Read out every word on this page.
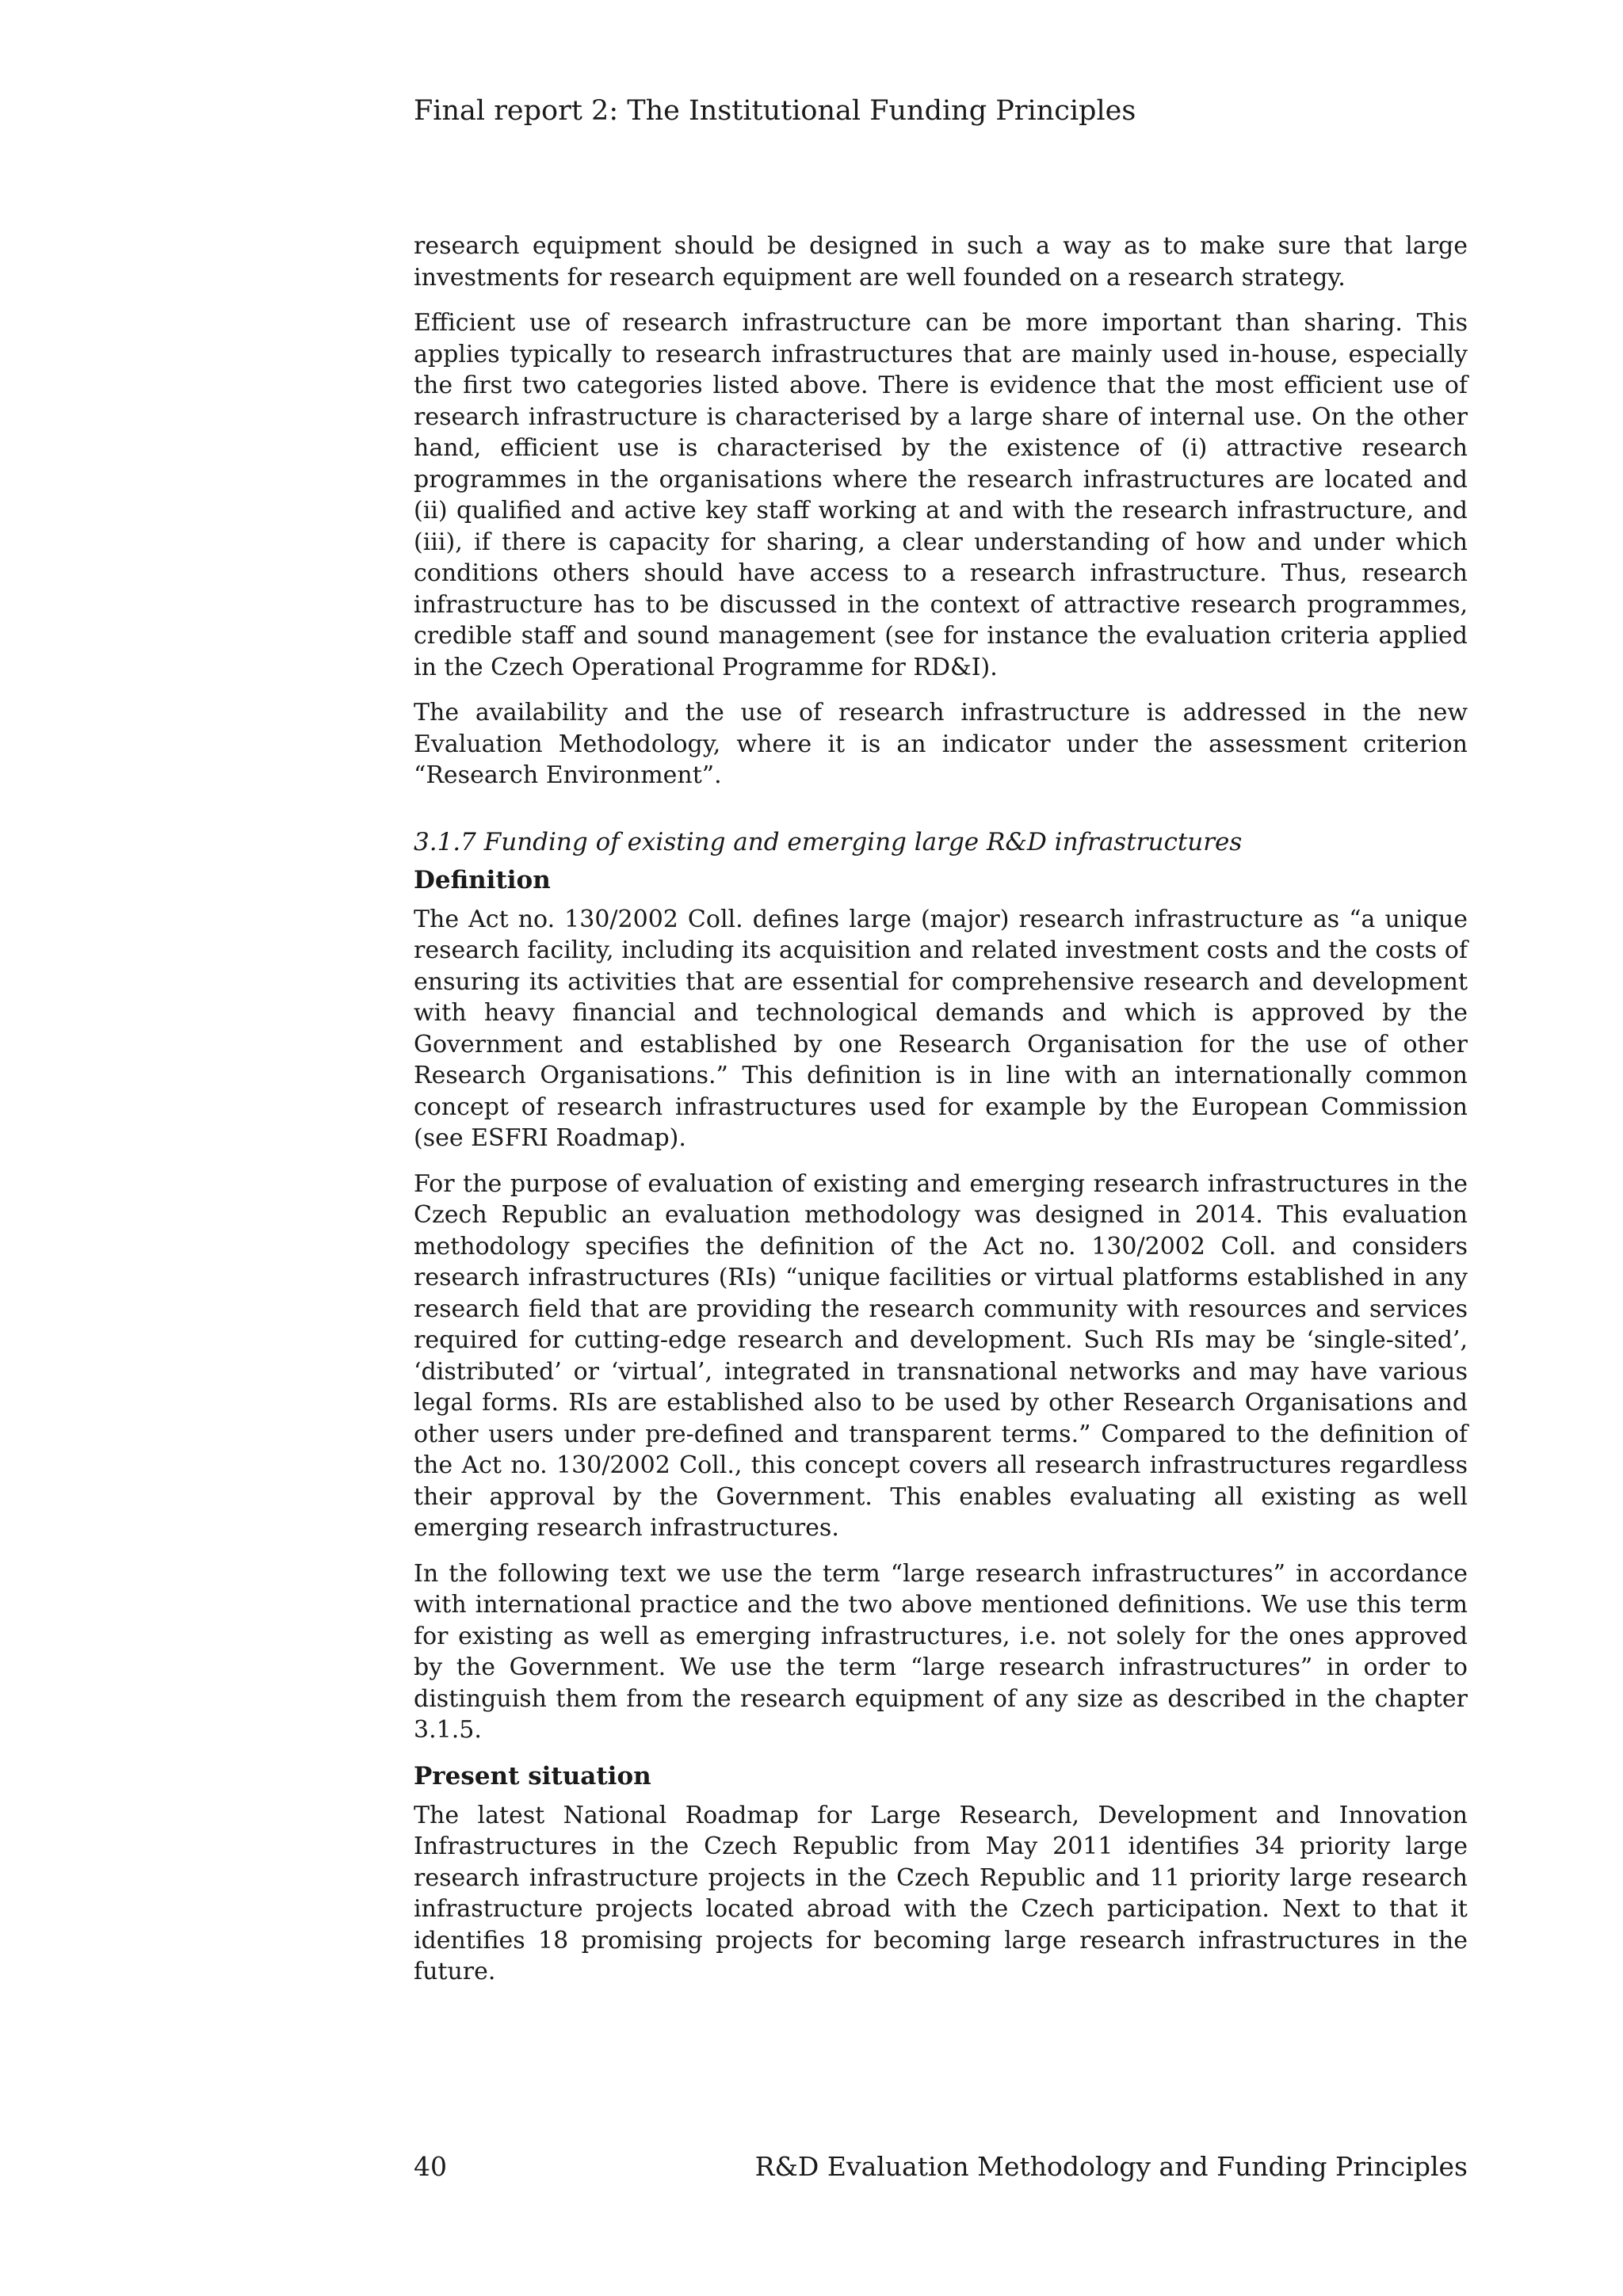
Final report 2: The Institutional Funding Principles

research equipment should be designed in such a way as to make sure that large investments for research equipment are well founded on a research strategy.

Efficient use of research infrastructure can be more important than sharing. This applies typically to research infrastructures that are mainly used in-house, especially the first two categories listed above. There is evidence that the most efficient use of research infrastructure is characterised by a large share of internal use. On the other hand, efficient use is characterised by the existence of (i) attractive research programmes in the organisations where the research infrastructures are located and (ii) qualified and active key staff working at and with the research infrastructure, and (iii), if there is capacity for sharing, a clear understanding of how and under which conditions others should have access to a research infrastructure. Thus, research infrastructure has to be discussed in the context of attractive research programmes, credible staff and sound management (see for instance the evaluation criteria applied in the Czech Operational Programme for RD&I).

The availability and the use of research infrastructure is addressed in the new Evaluation Methodology, where it is an indicator under the assessment criterion “Research Environment”.

3.1.7 Funding of existing and emerging large R&D infrastructures
Definition

The Act no. 130/2002 Coll. defines large (major) research infrastructure as “a unique research facility, including its acquisition and related investment costs and the costs of ensuring its activities that are essential for comprehensive research and development with heavy financial and technological demands and which is approved by the Government and established by one Research Organisation for the use of other Research Organisations.” This definition is in line with an internationally common concept of research infrastructures used for example by the European Commission (see ESFRI Roadmap).

For the purpose of evaluation of existing and emerging research infrastructures in the Czech Republic an evaluation methodology was designed in 2014. This evaluation methodology specifies the definition of the Act no. 130/2002 Coll. and considers research infrastructures (RIs) “unique facilities or virtual platforms established in any research field that are providing the research community with resources and services required for cutting-edge research and development. Such RIs may be ‘single-sited’, ‘distributed’ or ‘virtual’, integrated in transnational networks and may have various legal forms. RIs are established also to be used by other Research Organisations and other users under pre-defined and transparent terms.” Compared to the definition of the Act no. 130/2002 Coll., this concept covers all research infrastructures regardless their approval by the Government. This enables evaluating all existing as well emerging research infrastructures.

In the following text we use the term “large research infrastructures” in accordance with international practice and the two above mentioned definitions. We use this term for existing as well as emerging infrastructures, i.e. not solely for the ones approved by the Government. We use the term “large research infrastructures” in order to distinguish them from the research equipment of any size as described in the chapter 3.1.5.

Present situation

The latest National Roadmap for Large Research, Development and Innovation Infrastructures in the Czech Republic from May 2011 identifies 34 priority large research infrastructure projects in the Czech Republic and 11 priority large research infrastructure projects located abroad with the Czech participation. Next to that it identifies 18 promising projects for becoming large research infrastructures in the future.

40	R&D Evaluation Methodology and Funding Principles
